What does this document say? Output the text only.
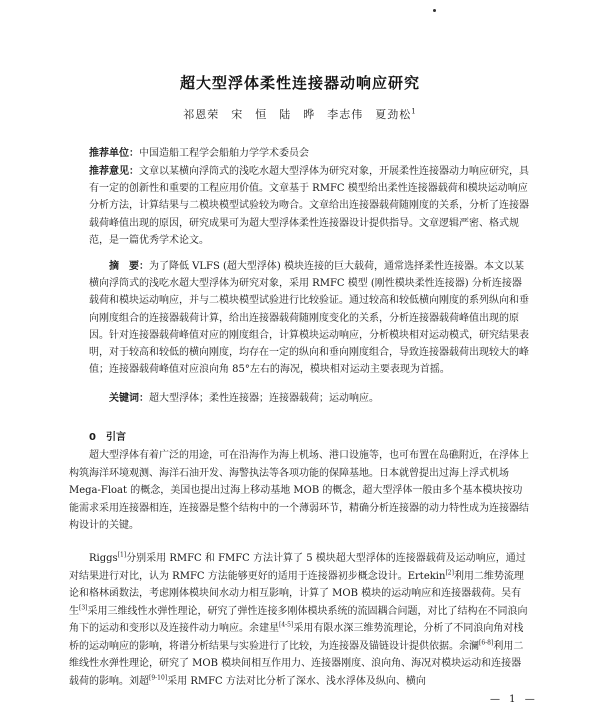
超大型浮体柔性连接器动响应研究
祁恩荣　宋　恒　陆　晔　李志伟　夏劲松$^1$
推荐单位：中国造船工程学会船舶力学学术委员会
推荐意见：文章以某横向浮筒式的浅吃水超大型浮体为研究对象，开展柔性连接器动力响应研究，具有一定的创新性和重要的工程应用价值。文章基于 RMFC 模型给出柔性连接器载荷和模块运动响应分析方法，计算结果与二模块模型试验较为吻合。文章给出连接器载荷随刚度的关系，分析了连接器载荷峰值出现的原因，研究成果可为超大型浮体柔性连接器设计提供指导。文章逻辑严密、格式规范，是一篇优秀学术论文。
摘　要：为了降低 VLFS (超大型浮体) 模块连接的巨大载荷，通常选择柔性连接器。本文以某横向浮筒式的浅吃水超大型浮体为研究对象，采用 RMFC 模型 (刚性模块柔性连接器) 分析连接器载荷和模块运动响应，并与二模块模型试验进行比较验证。通过较高和较低横向刚度的系列纵向和垂向刚度组合的连接器载荷计算，给出连接器载荷随刚度变化的关系，分析连接器载荷峰值出现的原因。针对连接器载荷峰值对应的刚度组合，计算模块运动响应，分析模块相对运动模式，研究结果表明，对于较高和较低的横向刚度，均存在一定的纵向和垂向刚度组合，导致连接器载荷出现较大的峰值；连接器载荷峰值对应浪向角 85°左右的海况，模块相对运动主要表现为首摇。
关键词：超大型浮体；柔性连接器；连接器载荷；运动响应。
0　引言

超大型浮体有着广泛的用途，可在沿海作为海上机场、港口设施等，也可布置在岛礁附近，在浮体上构筑海洋环境观测、海洋石油开发、海警执法等各项功能的保障基地。日本就曾提出过海上浮式机场 Mega-Float 的概念，美国也提出过海上移动基地 MOB 的概念，超大型浮体一般由多个基本模块按功能需求采用连接器相连，连接器是整个结构中的一个薄弱环节，精确分析连接器的动力特性成为连接器结构设计的关键。

Riggs[1]分别采用 RMFC 和 FMFC 方法计算了 5 模块超大型浮体的连接器载荷及运动响应，通过对结果进行对比，认为 RMFC 方法能够更好的适用于连接器初步概念设计。Ertekin[2]利用二维势流理论和格林函数法，考虑刚体模块间水动力相互影响，计算了 MOB 模块的运动响应和连接器载荷。吴有生[3]采用三维线性水弹性理论，研究了弹性连接多刚体模块系统的流固耦合问题，对比了结构在不同浪向角下的运动和变形以及连接件动力响应。余建星[4-5]采用有限水深三维势流理论，分析了不同浪向角对栈桥的运动响应的影响，将谱分析结果与实验进行了比较，为连接器及锚链设计提供依据。余澜[6-8]利用二维线性水弹性理论，研究了 MOB 模块间相互作用力、连接器刚度、浪向角、海况对模块运动和连接器载荷的影响。刘超[9-10]采用 RMFC 方法对比分析了深水、浅水浮体及纵向、横向

— 1 —
